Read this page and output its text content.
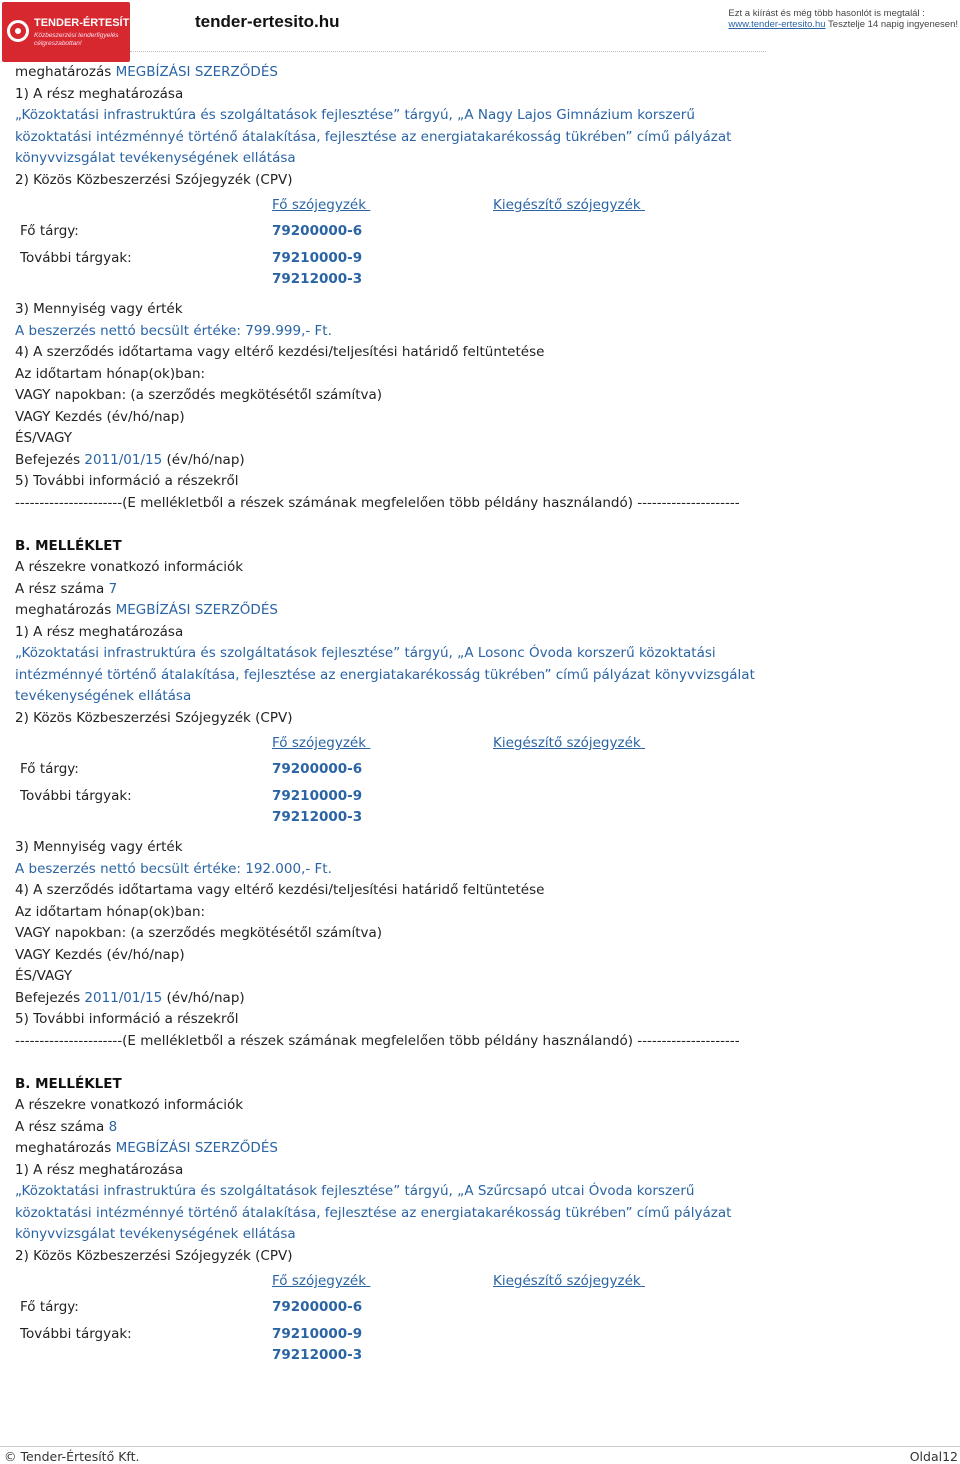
TENDER-ÉRTESÍTŐ.hu
Közbeszerzési tenderfigyelés célgreszabottan!
tender-ertesito.hu	Ezt a kiírást és még több hasonlót is megtalál :
www.tender-ertesito.hu Tesztelje 14 napig ingyenesen!
meghatározás MEGBÍZÁSI SZERZŐDÉS
1) A rész meghatározása
„Közoktatási infrastruktúra és szolgáltatások fejlesztése” tárgyú, „A Nagy Lajos Gimnázium korszerű közoktatási intézménnyé történő átalakítása, fejlesztése az energiatakarékosság tükrében” című pályázat könyvvizsgálat tevékenységének ellátása
2) Közös Közbeszerzési Szójegyzék (CPV)
Fő szójegyzék	Kiegészítő szójegyzék
Fő tárgy:	79200000-6
További tárgyak:	79210000-9
79212000-3
3) Mennyiség vagy érték
A beszerzés nettó becsült értéke: 799.999,- Ft.
4) A szerződés időtartama vagy eltérő kezdési/teljesítési határidő feltüntetése
Az időtartam hónap(ok)ban:
VAGY napokban: (a szerződés megkötésétől számítva)
VAGY Kezdés (év/hó/nap)
ÉS/VAGY
Befejezés 2011/01/15 (év/hó/nap)
5) További információ a részekről
----------------------(E mellékletből a részek számának megfelelően több példány használandó) ---------------------
B. MELLÉKLET
A részekre vonatkozó információk
A rész száma 7
meghatározás MEGBÍZÁSI SZERZŐDÉS
1) A rész meghatározása
„Közoktatási infrastruktúra és szolgáltatások fejlesztése” tárgyú, „A Losonc Óvoda korszerű közoktatási intézménnyé történő átalakítása, fejlesztése az energiatakarékosság tükrében” című pályázat könyvvizsgálat tevékenységének ellátása
2) Közös Közbeszerzési Szójegyzék (CPV)
Fő szójegyzék	Kiegészítő szójegyzék
Fő tárgy:	79200000-6
További tárgyak:	79210000-9
79212000-3
3) Mennyiség vagy érték
A beszerzés nettó becsült értéke: 192.000,- Ft.
4) A szerződés időtartama vagy eltérő kezdési/teljesítési határidő feltüntetése
Az időtartam hónap(ok)ban:
VAGY napokban: (a szerződés megkötésétől számítva)
VAGY Kezdés (év/hó/nap)
ÉS/VAGY
Befejezés 2011/01/15 (év/hó/nap)
5) További információ a részekről
----------------------(E mellékletből a részek számának megfelelően több példány használandó) ---------------------
B. MELLÉKLET
A részekre vonatkozó információk
A rész száma 8
meghatározás MEGBÍZÁSI SZERZŐDÉS
1) A rész meghatározása
„Közoktatási infrastruktúra és szolgáltatások fejlesztése” tárgyú, „A Szűrcsapó utcai Óvoda korszerű közoktatási intézménnyé történő átalakítása, fejlesztése az energiatakarékosság tükrében” című pályázat könyvvizsgálat tevékenységének ellátása
2) Közös Közbeszerzési Szójegyzék (CPV)
Fő szójegyzék	Kiegészítő szójegyzék
Fő tárgy:	79200000-6
További tárgyak:	79210000-9
79212000-3
© Tender-Értesítő Kft.	Oldal12
